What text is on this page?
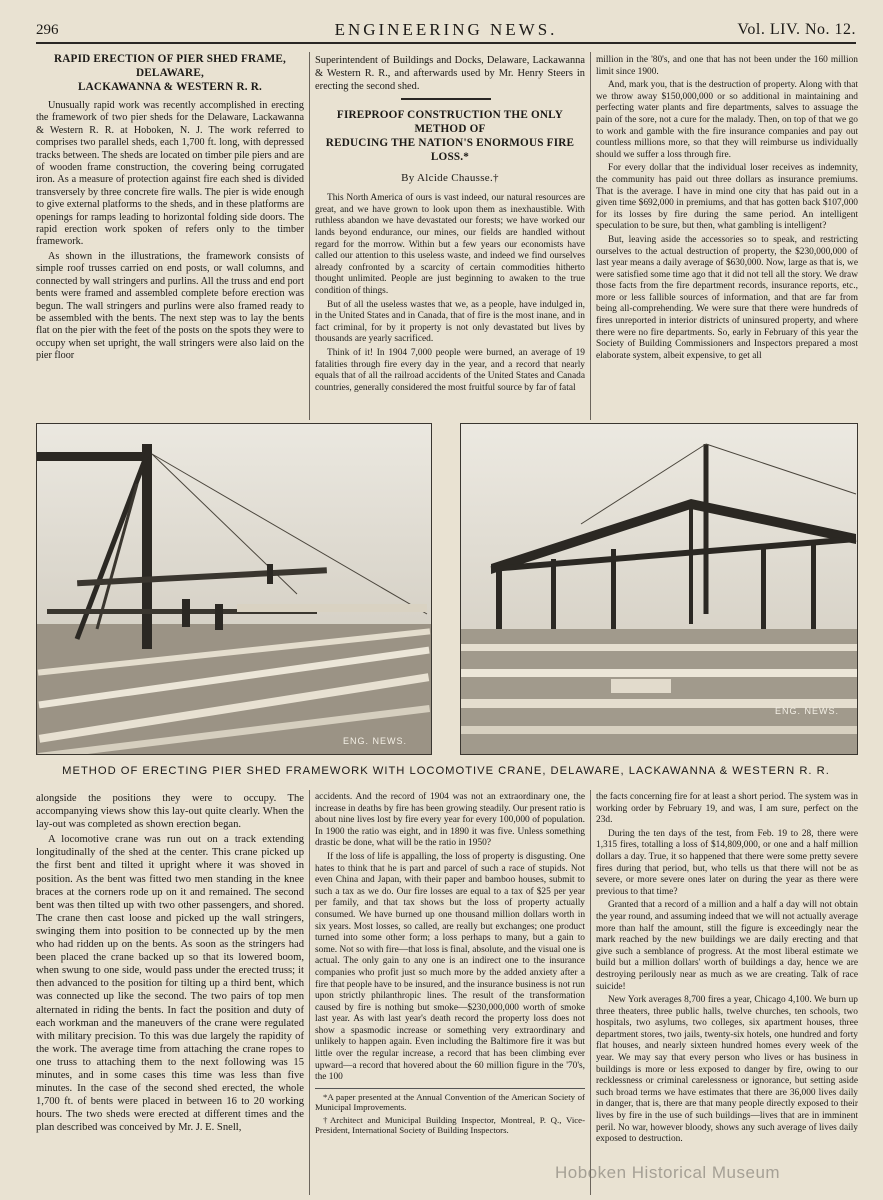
296	ENGINEERING NEWS.	Vol. LIV. No. 12.
RAPID ERECTION OF PIER SHED FRAME, DELAWARE,
LACKAWANNA & WESTERN R. R.

Unusually rapid work was recently accomplished in erecting the framework of two pier sheds for the Delaware, Lackawanna & Western R. R. at Hoboken, N. J. The work referred to comprises two parallel sheds, each 1,700 ft. long, with depressed tracks between. The sheds are located on timber pile piers and are of wooden frame construction, the covering being corrugated iron. As a measure of protection against fire each shed is divided transversely by three concrete fire walls. The pier is wide enough to give external platforms to the sheds, and in these platforms are openings for ramps leading to horizontal folding side doors. The rapid erection work spoken of refers only to the timber framework.

As shown in the illustrations, the framework consists of simple roof trusses carried on end posts, or wall columns, and connected by wall stringers and purlins. All the truss and end port bents were framed and assembled complete before erection was begun. The wall stringers and purlins were also framed ready to be assembled with the bents. The next step was to lay the bents flat on the pier with the feet of the posts on the spots they were to occupy when set upright, the wall stringers were also laid on the pier floor

Superintendent of Buildings and Docks, Delaware, Lackawanna & Western R. R., and afterwards used by Mr. Henry Steers in erecting the second shed.

FIREPROOF CONSTRUCTION THE ONLY METHOD OF
REDUCING THE NATION'S ENORMOUS FIRE LOSS.*
By Alcide Chausse.†

This North America of ours is vast indeed, our natural resources are great, and we have grown to look upon them as inexhaustible. With ruthless abandon we have devastated our forests; we have worked our lands beyond endurance, our mines, our fields are handled without regard for the morrow. Within but a few years our economists have called our attention to this useless waste, and indeed we find ourselves already confronted by a scarcity of certain commodities hitherto thought unlimited. People are just beginning to awaken to the true condition of things.

But of all the useless wastes that we, as a people, have indulged in, in the United States and in Canada, that of fire is the most inane, and in fact criminal, for by it property is not only devastated but lives by thousands are yearly sacrificed.

Think of it! In 1904 7,000 people were burned, an average of 19 fatalities through fire every day in the year, and a record that nearly equals that of all the railroad accidents of the United States and Canada countries, generally considered the most fruitful source by far of fatal

million in the '80's, and one that has not been under the 160 million limit since 1900.

And, mark you, that is the destruction of property. Along with that we throw away $150,000,000 or so additional in maintaining and perfecting water plants and fire departments, salves to assuage the pain of the sore, not a cure for the malady. Then, on top of that we go to work and gamble with the fire insurance companies and pay out countless millions more, so that they will reimburse us individually should we suffer a loss through fire.

For every dollar that the individual loser receives as indemnity, the community has paid out three dollars as insurance premiums. That is the average. I have in mind one city that has paid out in a given time $692,000 in premiums, and that has gotten back $107,000 for its losses by fire during the same period. An intelligent speculation to be sure, but then, what gambling is intelligent?

But, leaving aside the accessories so to speak, and restricting ourselves to the actual destruction of property, the $230,000,000 of last year means a daily average of $630,000. Now, large as that is, we were satisfied some time ago that it did not tell all the story. We draw those facts from the fire department records, insurance reports, etc., more or less fallible sources of information, and that are far from being all-comprehending. We were sure that there were hundreds of fires unreported in interior districts of uninsured property, and where there were no fire departments. So, early in February of this year the Society of Building Commissioners and Inspectors prepared a most elaborate system, albeit expensive, to get all

ENG. NEWS.
ENG. NEWS.
METHOD OF ERECTING PIER SHED FRAMEWORK WITH LOCOMOTIVE CRANE, DELAWARE, LACKAWANNA & WESTERN R. R.

alongside the positions they were to occupy. The accompanying views show this lay-out quite clearly. When the lay-out was completed as shown erection began.

A locomotive crane was run out on a track extending longitudinally of the shed at the center. This crane picked up the first bent and tilted it upright where it was shoved in position. As the bent was fitted two men standing in the knee braces at the corners rode up on it and remained. The second bent was then tilted up with two other passengers, and shored. The crane then cast loose and picked up the wall stringers, swinging them into position to be connected up by the men who had ridden up on the bents. As soon as the stringers had been placed the crane backed up so that its lowered boom, when swung to one side, would pass under the erected truss; it then advanced to the position for tilting up a third bent, which was connected up like the second. The two pairs of top men alternated in riding the bents. In fact the position and duty of each workman and the maneuvers of the crane were regulated with military precision. To this was due largely the rapidity of the work. The average time from attaching the crane ropes to one truss to attaching them to the next following was 15 minutes, and in some cases this time was less than five minutes. In the case of the second shed erected, the whole 1,700 ft. of bents were placed in between 16 to 20 working hours. The two sheds were erected at different times and the plan described was conceived by Mr. J. E. Snell,

accidents. And the record of 1904 was not an extraordinary one, the increase in deaths by fire has been growing steadily. Our present ratio is about nine lives lost by fire every year for every 100,000 of population. In 1900 the ratio was eight, and in 1890 it was five. Unless something drastic be done, what will be the ratio in 1950?

If the loss of life is appalling, the loss of property is disgusting. One hates to think that he is part and parcel of such a race of stupids. Not even China and Japan, with their paper and bamboo houses, submit to such a tax as we do. Our fire losses are equal to a tax of $25 per year per family, and that tax shows but the loss of property actually consumed. We have burned up one thousand million dollars worth in six years. Most losses, so called, are really but exchanges; one product turned into some other form; a loss perhaps to many, but a gain to some. Not so with fire—that loss is final, absolute, and the visual one is actual. The only gain to any one is an indirect one to the insurance companies who profit just so much more by the added anxiety after a fire that people have to be insured, and the insurance business is not run upon strictly philanthropic lines. The result of the transformation caused by fire is nothing but smoke—$230,000,000 worth of smoke last year. As with last year's death record the property loss does not show a spasmodic increase or something very extraordinary and unlikely to happen again. Even including the Baltimore fire it was but little over the regular increase, a record that has been climbing ever upward—a record that hovered about the 60 million figure in the '70's, the 100

*A paper presented at the Annual Convention of the American Society of Municipal Improvements.

†Architect and Municipal Building Inspector, Montreal, P. Q., Vice-President, International Society of Building Inspectors.

the facts concerning fire for at least a short period. The system was in working order by February 19, and was, I am sure, perfect on the 23d.

During the ten days of the test, from Feb. 19 to 28, there were 1,315 fires, totalling a loss of $14,809,000, or one and a half million dollars a day. True, it so happened that there were some pretty severe fires during that period, but, who tells us that there will not be as severe, or more severe ones later on during the year as there were previous to that time?

Granted that a record of a million and a half a day will not obtain the year round, and assuming indeed that we will not actually average more than half the amount, still the figure is exceedingly near the mark reached by the new buildings we are daily erecting and that give such a semblance of progress. At the most liberal estimate we build but a million dollars' worth of buildings a day, hence we are destroying perilously near as much as we are creating. Talk of race suicide!

New York averages 8,700 fires a year, Chicago 4,100. We burn up three theaters, three public halls, twelve churches, ten schools, two hospitals, two asylums, two colleges, six apartment houses, three department stores, two jails, twenty-six hotels, one hundred and forty flat houses, and nearly sixteen hundred homes every week of the year. We may say that every person who lives or has business in buildings is more or less exposed to danger by fire, owing to our recklessness or criminal carelessness or ignorance, but setting aside such broad terms we have estimates that there are 36,000 lives daily in danger, that is, there are that many people directly exposed to their lives by fire in the use of such buildings—lives that are in imminent peril. No war, however bloody, shows any such average of lives daily exposed to destruction.

Hoboken Historical Museum
